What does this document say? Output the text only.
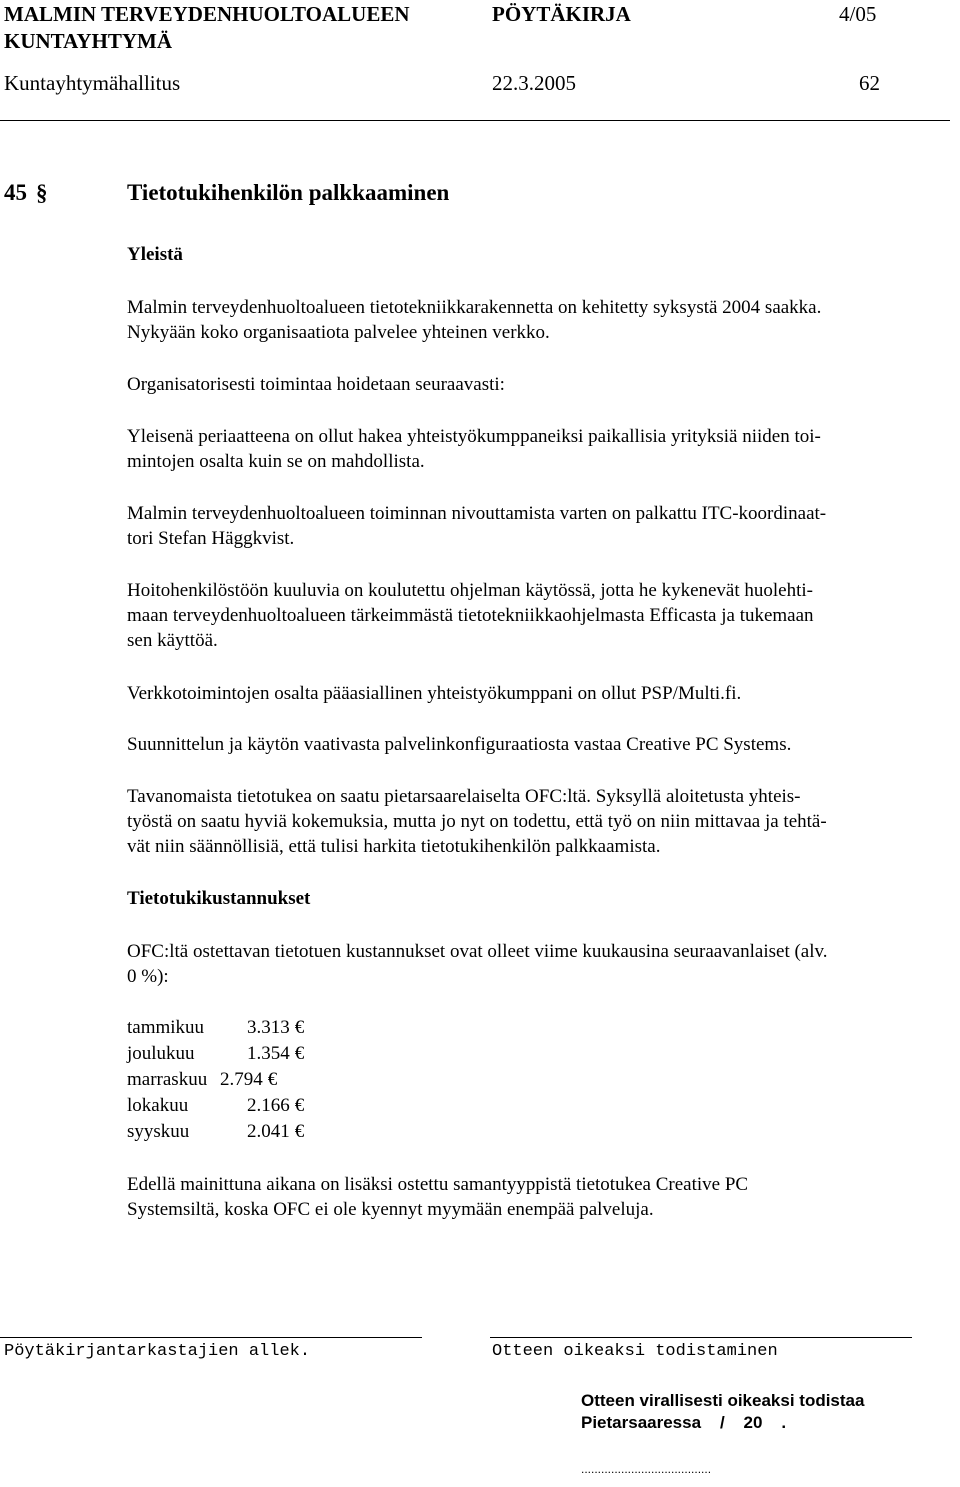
MALMIN TERVEYDENHUOLTOALUEEN	PÖYTÄKIRJA	4/05
KUNTAYHTYMÄ
Kuntayhtymähallitus	22.3.2005	62
45 §	Tietotukihenkilön palkkaaminen
Yleistä
Malmin terveydenhuoltoalueen tietotekniikkarakennetta on kehitetty syksystä 2004 saakka.
Nykyään koko organisaatiota palvelee yhteinen verkko.
Organisatorisesti toimintaa hoidetaan seuraavasti:
Yleisenä periaatteena on ollut hakea yhteistyökumppaneiksi paikallisia yrityksiä niiden toi-
mintojen osalta kuin se on mahdollista.
Malmin terveydenhuoltoalueen toiminnan nivouttamista varten on palkattu ITC-koordinaat-
tori Stefan Häggkvist.
Hoitohenkilöstöön kuuluvia on koulutettu ohjelman käytössä, jotta he kykenevät huolehti-
maan terveydenhuoltoalueen tärkeimmästä tietotekniikkaohjelmasta Efficasta ja tukemaan
sen käyttöä.
Verkkotoimintojen osalta pääasiallinen yhteistyökumppani on ollut PSP/Multi.fi.
Suunnittelun ja käytön vaativasta palvelinkonfiguraatiosta vastaa Creative PC Systems.
Tavanomaista tietotukea on saatu pietarsaarelaiselta OFC:ltä. Syksyllä aloitetusta yhteis-
työstä on saatu hyviä kokemuksia, mutta jo nyt on todettu, että työ on niin mittavaa ja tehtä-
vät niin säännöllisiä, että tulisi harkita tietotukihenkilön palkkaamista.
Tietotukikustannukset
OFC:ltä ostettavan tietotuen kustannukset ovat olleet viime kuukausina seuraavanlaiset (alv.
0 %):
tammikuu 3.313 €
joulukuu	1.354 €
marraskuu 2.794 €
lokakuu	2.166 €
syyskuu	2.041 €
Edellä mainittuna aikana on lisäksi ostettu samantyyppistä tietotukea Creative PC
Systemsiltä, koska OFC ei ole kyennyt myymään enempää palveluja.
Pöytäkirjantarkastajien allek.	Otteen oikeaksi todistaminen
Otteen virallisesti oikeaksi todistaa
Pietarsaaressa    /    20    .
.......................................
